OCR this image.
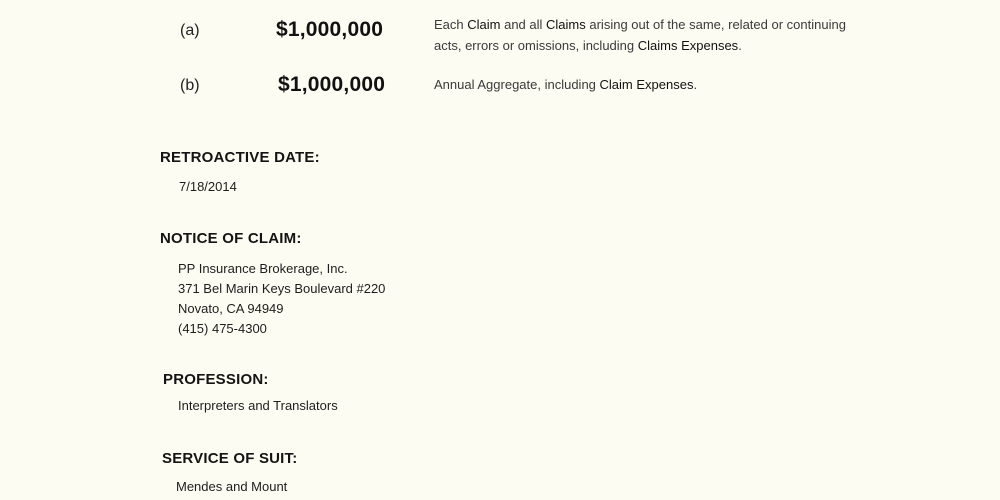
(a)	$1,000,000	Each Claim and all Claims arising out of the same, related or continuing acts, errors or omissions, including Claims Expenses.
(b)	$1,000,000	Annual Aggregate, including Claim Expenses.
RETROACTIVE DATE:
7/18/2014
NOTICE OF CLAIM:
PP Insurance Brokerage, Inc.
371 Bel Marin Keys Boulevard #220
Novato, CA 94949
(415) 475-4300
PROFESSION:
Interpreters and Translators
SERVICE OF SUIT:
Mendes and Mount
